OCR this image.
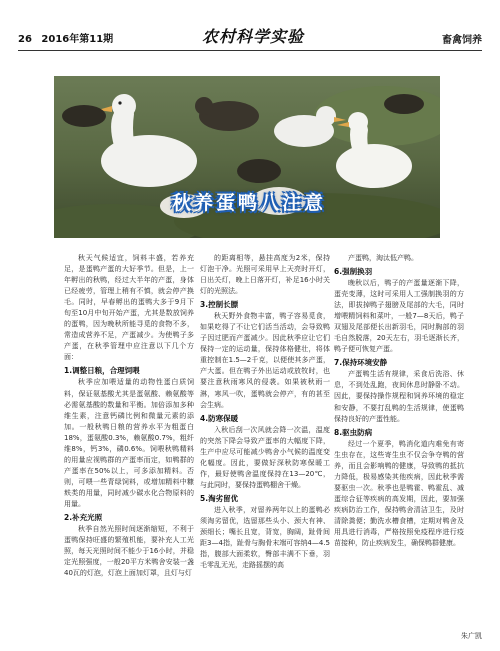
26 2016年第11期	农村科学实验	畜禽饲养
秋养蛋鸭八注意

秋天气候适宜，饲料丰盛，若养充足，是蛋鸭产蛋的大好季节。但是，上一年孵出的秋鸭，经过大半年的产蛋，身体已经疲劳，管理上稍有不慎，就会停产换毛。同时，早春孵出的蛋鸭大多于9月下旬至10月中旬开始产蛋，尤其是数放饲养的蛋鸭，因为晚秋所能寻觅的食物不多，常造成营养不足，产蛋减少。为使鸭子多产蛋，在秋季管理中应注意以下几个方面：

1.调整日粮，合理饲喂

秋季应加喂适量的动物性蛋白质饲料，保证氨基酸尤其是蛋氨酸、赖氨酸等必需氨基酸的数量和平衡。加倍添加多种维生素，注意钙磷比例和微量元素的添加。一般秋鸭日粮的营养水平为粗蛋白18%，蛋氨酸0.3%，赖氨酸0.7%，粗纤维8%，钙3%，磷0.6%。饲喂秋鸭精料的用量应视鸭群的产蛋率而定，如鸭群的产蛋率在50%以上，可多添加精料。否则，可喂一些青绿饲料，或增加精料中糠麸类的用量，同时减少碳水化合物原料的用量。

2.补充光照

秋季自然光照时间逐渐缩短，不利于蛋鸭保持旺盛的繁殖机能，要补充人工光照，每天光照时间不能少于16小时，并稳定光照强度，一般20平方米鸭舍安装一盏40瓦的灯泡，灯泡上面加灯罩，且灯与灯

的距离相等，悬挂高度为2米，保持灯泡干净。光照可采用早上天亮时开灯，日出关灯，晚上日落开灯，补足16小时关灯的光照法。

3.控制长膘

秋天野外食物丰富，鸭子容易觅食，如果吃得了不让它们活当活动，会导致鸭子因过肥而产蛋减少。因此秋季应让它们保持一定的运动量，保持体格健壮，将体重控制在1.5—2千克，以便使其多产蛋，产大蛋。但在鸭子外出运动或放牧时，也要注意秋雨寒风的侵袭。如果被秋雨一淋，寒风一吹，蛋鸭就会停产，有的甚至会生病。

4.防寒保暖

入秋后刮一次风就会降一次温，温度的突然下降会导致产蛋率的大幅度下降，生产中应尽可能减少鸭舍小气候的温度变化幅度。因此，要做好深秋防寒保暖工作，最好使鸭舍温度保持在13—20℃，与此同时，要保持蛋鸭棚舍干燥。

5.淘劣留优

进入秋季，对留养两年以上的蛋鸭必须淘劣留优，选留那些头小、颈大有神、颈细长；嘴长且宽，背宽，胸阔，趾骨间距3—4指，趾骨与胸骨末端可容纳4—4.5指，腹部大面柔软，臀部丰满不下垂，羽毛零乱无光，走路摇摆的高

产蛋鸭，淘汰低产鸭。

6.强制换羽

晚秋以后，鸭子的产蛋量逐渐下降，蛋壳变薄，这时可采用人工强制换羽的方法，即拔掉鸭子翅膀及尾部的大毛，同时增喂精饲料和菜叶，一般7—8天后，鸭子双翅及尾部便长出新羽毛，同时胸部的羽毛自然脱落，20天左右，羽毛逐渐长齐，鸭子便可恢复产蛋。

7.保持环境安静

产蛋鸭生活有规律，采食后洗浴、休息，不到处乱跑，夜间休息时静卧不动。因此，要保持操作规程和饲养环境的稳定和安静，不要打乱鸭的生活规律，使蛋鸭保持良好的产蛋性能。

8.驱虫防病

经过一个夏季，鸭消化道内难免有寄生虫存在，这些寄生虫不仅会争夺鸭的营养，而且会影响鸭的健康，导致鸭的抵抗力降低，极易感染其他疾病，因此秋季需要驱虫一次。秋季也是鸭霍、鸭霍乱、减蛋综合征等疾病的高发期，因此，要加强疾病防治工作，保持鸭舍清洁卫生，及时清除粪便；勤洗水槽食槽，定期对鸭舍及用具进行消毒，严格按照免疫程序进行疫苗接种，防止疾病发生，确保鸭群健康。

朱广凯
